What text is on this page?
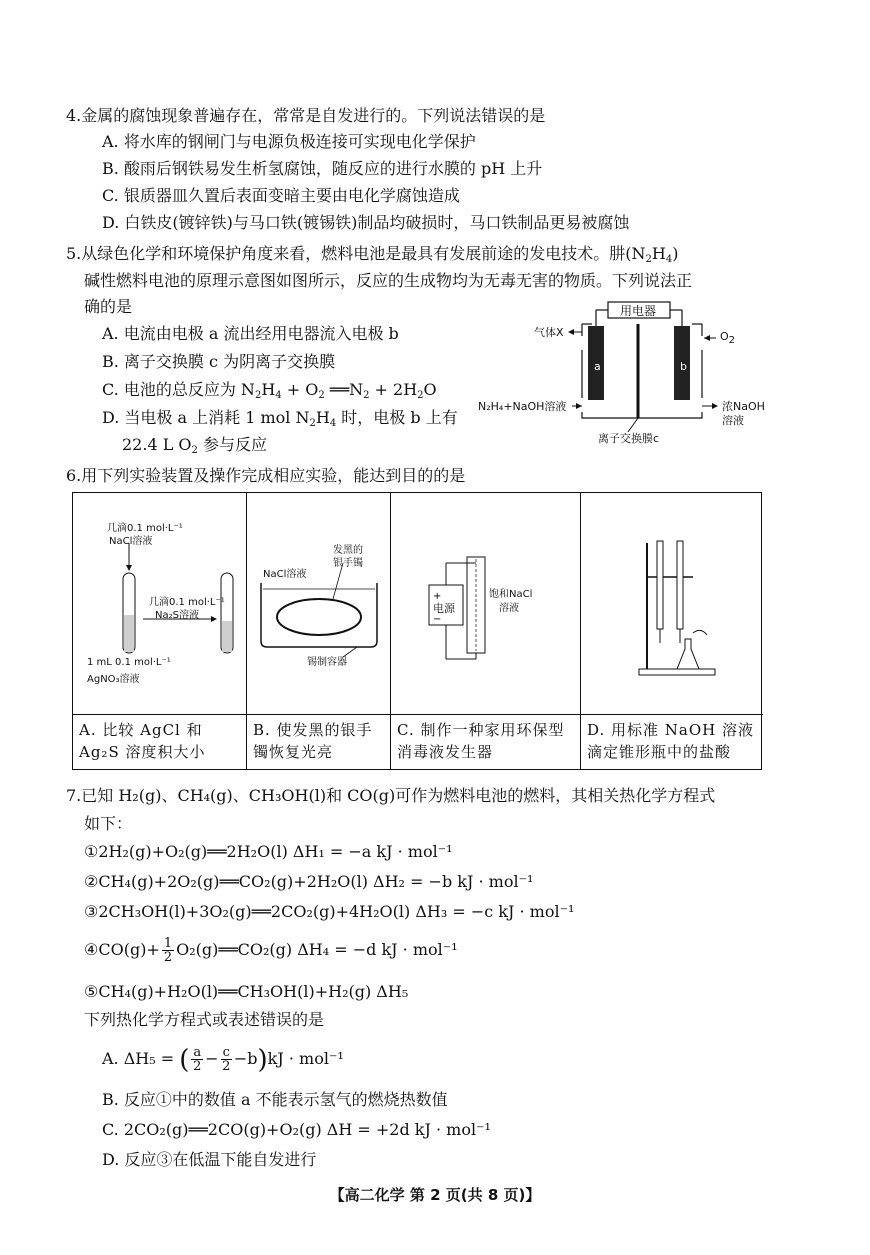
4.金属的腐蚀现象普遍存在，常常是自发进行的。下列说法错误的是
A. 将水库的钢闸门与电源负极连接可实现电化学保护
B. 酸雨后钢铁易发生析氢腐蚀，随反应的进行水膜的 pH 上升
C. 银质器皿久置后表面变暗主要由电化学腐蚀造成
D. 白铁皮(镀锌铁)与马口铁(镀锡铁)制品均破损时，马口铁制品更易被腐蚀
5.从绿色化学和环境保护角度来看，燃料电池是最具有发展前途的发电技术。肼$(N_2H_4)$
碱性燃料电池的原理示意图如图所示，反应的生成物均为无毒无害的物质。下列说法正
确的是
A. 电流由电极 a 流出经用电器流入电极 b
B. 离子交换膜 c 为阴离子交换膜
C. 电池的总反应为 $N_2H_4 + O_2$ $══N_2 + 2H_2O$
D. 当电极 a 上消耗 1 mol $N_2H_4$ 时，电极 b 上有
22.4 L $O_2$ 参与反应
用电器
气体X	$O_2$
a	b
N₂H₄+NaOH溶液	浓NaOH
溶液
离子交换膜c
6.用下列实验装置及操作完成相应实验，能达到目的的是
几滴0.1 mol·L⁻¹
NaCl溶液
几滴0.1 mol·L⁻¹
Na₂S溶液
1 mL 0.1 mol·L⁻¹
AgNO₃溶液
A. 比较 AgCl 和 Ag₂S 溶度积大小
NaCl溶液
发黑的
银手镯
锡制容器
B. 使发黑的银手镯恢复光亮
+
−
电源
饱和NaCl
溶液
C. 制作一种家用环保型消毒液发生器
D. 用标准 NaOH 溶液滴定锥形瓶中的盐酸
7.已知 H₂(g)、CH₄(g)、CH₃OH(l)和 CO(g)可作为燃料电池的燃料，其相关热化学方程式
如下：
①2H₂(g)+O₂(g)══2H₂O(l) ΔH₁ = −a kJ · mol⁻¹
②CH₄(g)+2O₂(g)══CO₂(g)+2H₂O(l) ΔH₂ = −b kJ · mol⁻¹
③2CH₃OH(l)+3O₂(g)══2CO₂(g)+4H₂O(l) ΔH₃ = −c kJ · mol⁻¹
④CO(g)+ $\frac{1}{2}$ O₂(g)══CO₂(g) ΔH₄ = −d kJ · mol⁻¹
⑤CH₄(g)+H₂O(l)══CH₃OH(l)+H₂(g) ΔH₅
下列热化学方程式或表述错误的是
A. ΔH₅ = ( $\frac{a}{2} - \frac{c}{2} -b)kJ \cdot mol^{-1}$
B. 反应①中的数值 a 不能表示氢气的燃烧热数值
C. 2CO₂(g)══2CO(g)+O₂(g) ΔH = +2d kJ · mol⁻¹
D. 反应③在低温下能自发进行
【高二化学 第 2 页(共 8 页)】
